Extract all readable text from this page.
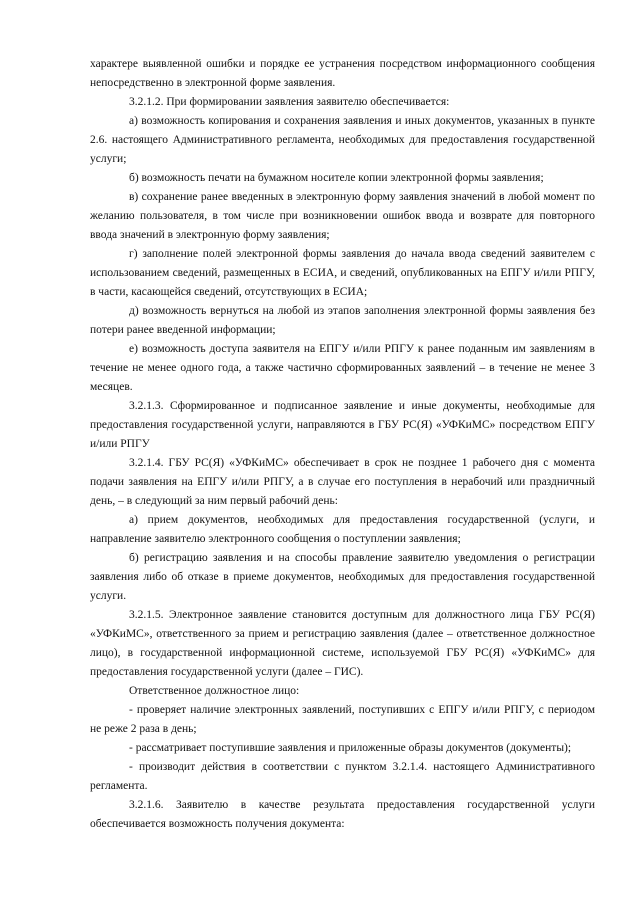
характере выявленной ошибки и порядке ее устранения посредством информационного сообщения непосредственно в электронной форме заявления.

3.2.1.2. При формировании заявления заявителю обеспечивается:

а) возможность копирования и сохранения заявления и иных документов, указанных в пункте 2.6. настоящего Административного регламента, необходимых для предоставления государственной услуги;

б) возможность печати на бумажном носителе копии электронной формы заявления;

в) сохранение ранее введенных в электронную форму заявления значений в любой момент по желанию пользователя, в том числе при возникновении ошибок ввода и возврате для повторного ввода значений в электронную форму заявления;

г) заполнение полей электронной формы заявления до начала ввода сведений заявителем с использованием сведений, размещенных в ЕСИА, и сведений, опубликованных на ЕПГУ и/или РПГУ, в части, касающейся сведений, отсутствующих в ЕСИА;

д) возможность вернуться на любой из этапов заполнения электронной формы заявления без потери ранее введенной информации;

е) возможность доступа заявителя на ЕПГУ и/или РПГУ к ранее поданным им заявлениям в течение не менее одного года, а также частично сформированных заявлений – в течение не менее 3 месяцев.

3.2.1.3. Сформированное и подписанное заявление и иные документы, необходимые для предоставления государственной услуги, направляются в ГБУ РС(Я) «УФКиМС» посредством ЕПГУ и/или РПГУ

3.2.1.4. ГБУ РС(Я) «УФКиМС» обеспечивает в срок не позднее 1 рабочего дня с момента подачи заявления на ЕПГУ и/или РПГУ, а в случае его поступления в нерабочий или праздничный день, – в следующий за ним первый рабочий день:

а) прием документов, необходимых для предоставления государственной (услуги, и направление заявителю электронного сообщения о поступлении заявления;

б) регистрацию заявления и на способы правление заявителю уведомления о регистрации заявления либо об отказе в приеме документов, необходимых для предоставления государственной услуги.

3.2.1.5. Электронное заявление становится доступным для должностного лица ГБУ РС(Я) «УФКиМС», ответственного за прием и регистрацию заявления (далее – ответственное должностное лицо), в государственной информационной системе, используемой ГБУ РС(Я) «УФКиМС» для предоставления государственной услуги (далее – ГИС).

Ответственное должностное лицо:

- проверяет наличие электронных заявлений, поступивших с ЕПГУ и/или РПГУ, с периодом не реже 2 раза в день;

- рассматривает поступившие заявления и приложенные образы документов (документы);

- производит действия в соответствии с пунктом 3.2.1.4. настоящего Административного регламента.

3.2.1.6. Заявителю в качестве результата предоставления государственной услуги обеспечивается возможность получения документа:
